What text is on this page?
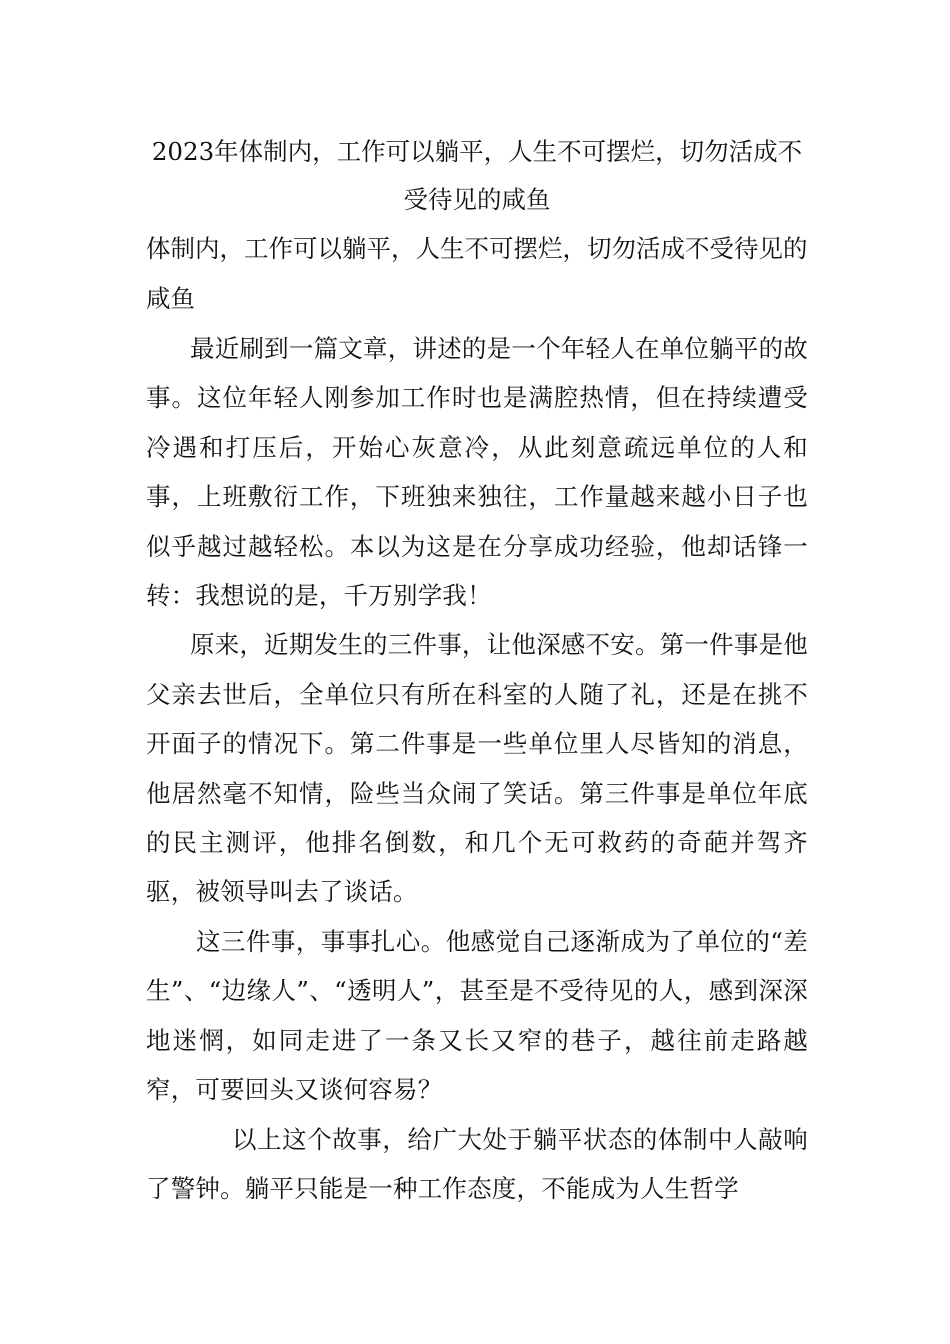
2023年体制内，工作可以躺平，人生不可摆烂，切勿活成不受待见的咸鱼

体制内，工作可以躺平，人生不可摆烂，切勿活成不受待见的咸鱼

最近刷到一篇文章，讲述的是一个年轻人在单位躺平的故事。这位年轻人刚参加工作时也是满腔热情，但在持续遭受冷遇和打压后，开始心灰意冷，从此刻意疏远单位的人和事，上班敷衍工作，下班独来独往，工作量越来越小日子也似乎越过越轻松。本以为这是在分享成功经验，他却话锋一转：我想说的是，千万别学我！

原来，近期发生的三件事，让他深感不安。第一件事是他父亲去世后，全单位只有所在科室的人随了礼，还是在挑不开面子的情况下。第二件事是一些单位里人尽皆知的消息，他居然毫不知情，险些当众闹了笑话。第三件事是单位年底的民主测评，他排名倒数，和几个无可救药的奇葩并驾齐驱，被领导叫去了谈话。

这三件事，事事扎心。他感觉自己逐渐成为了单位的“差生”、“边缘人”、“透明人”，甚至是不受待见的人，感到深深地迷惘，如同走进了一条又长又窄的巷子，越往前走路越窄，可要回头又谈何容易？

以上这个故事，给广大处于躺平状态的体制中人敲响了警钟。躺平只能是一种工作态度，不能成为人生哲学
